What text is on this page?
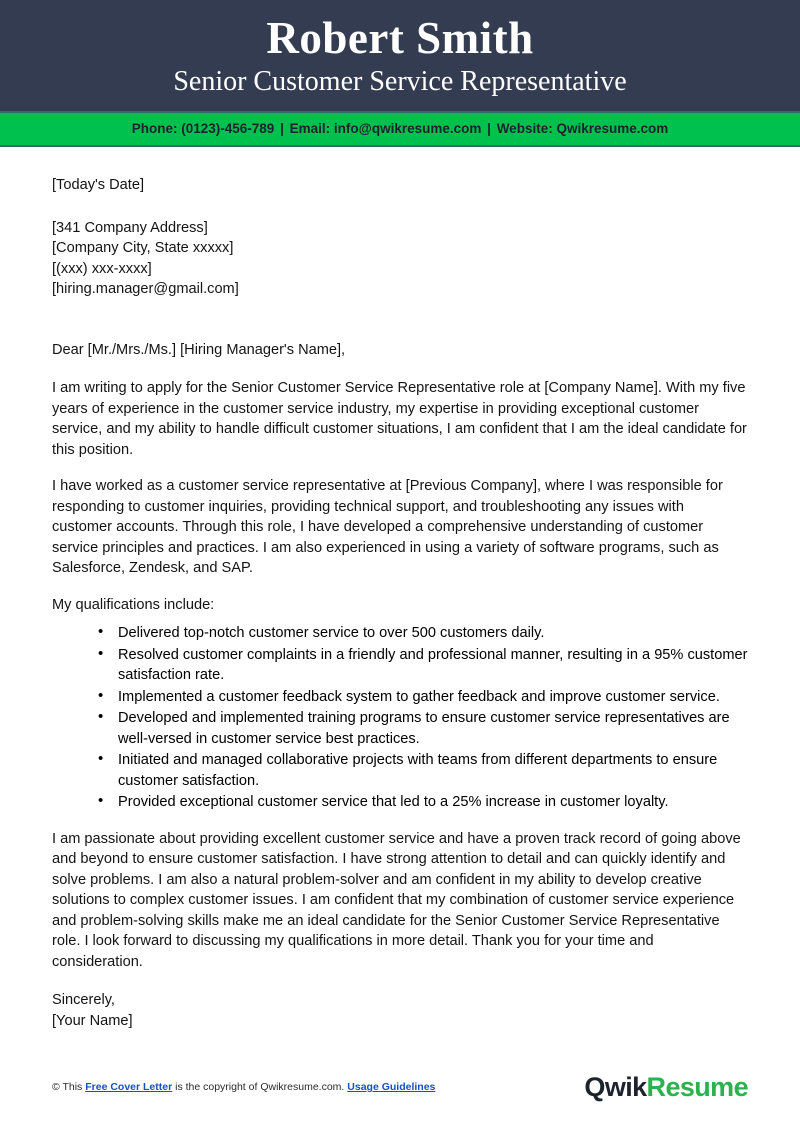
Robert Smith
Senior Customer Service Representative
Phone: (0123)-456-789 | Email: info@qwikresume.com | Website: Qwikresume.com
[Today's Date]
[341 Company Address]
[Company City, State xxxxx]
[(xxx) xxx-xxxx]
[hiring.manager@gmail.com]
Dear [Mr./Mrs./Ms.] [Hiring Manager's Name],
I am writing to apply for the Senior Customer Service Representative role at [Company Name]. With my five years of experience in the customer service industry, my expertise in providing exceptional customer service, and my ability to handle difficult customer situations, I am confident that I am the ideal candidate for this position.
I have worked as a customer service representative at [Previous Company], where I was responsible for responding to customer inquiries, providing technical support, and troubleshooting any issues with customer accounts. Through this role, I have developed a comprehensive understanding of customer service principles and practices. I am also experienced in using a variety of software programs, such as Salesforce, Zendesk, and SAP.
My qualifications include:
• Delivered top-notch customer service to over 500 customers daily.
• Resolved customer complaints in a friendly and professional manner, resulting in a 95% customer satisfaction rate.
• Implemented a customer feedback system to gather feedback and improve customer service.
• Developed and implemented training programs to ensure customer service representatives are well-versed in customer service best practices.
• Initiated and managed collaborative projects with teams from different departments to ensure customer satisfaction.
• Provided exceptional customer service that led to a 25% increase in customer loyalty.
I am passionate about providing excellent customer service and have a proven track record of going above and beyond to ensure customer satisfaction. I have strong attention to detail and can quickly identify and solve problems. I am also a natural problem-solver and am confident in my ability to develop creative solutions to complex customer issues. I am confident that my combination of customer service experience and problem-solving skills make me an ideal candidate for the Senior Customer Service Representative role. I look forward to discussing my qualifications in more detail. Thank you for your time and consideration.
Sincerely,
[Your Name]
© This Free Cover Letter is the copyright of Qwikresume.com. Usage Guidelines	QwikResume
